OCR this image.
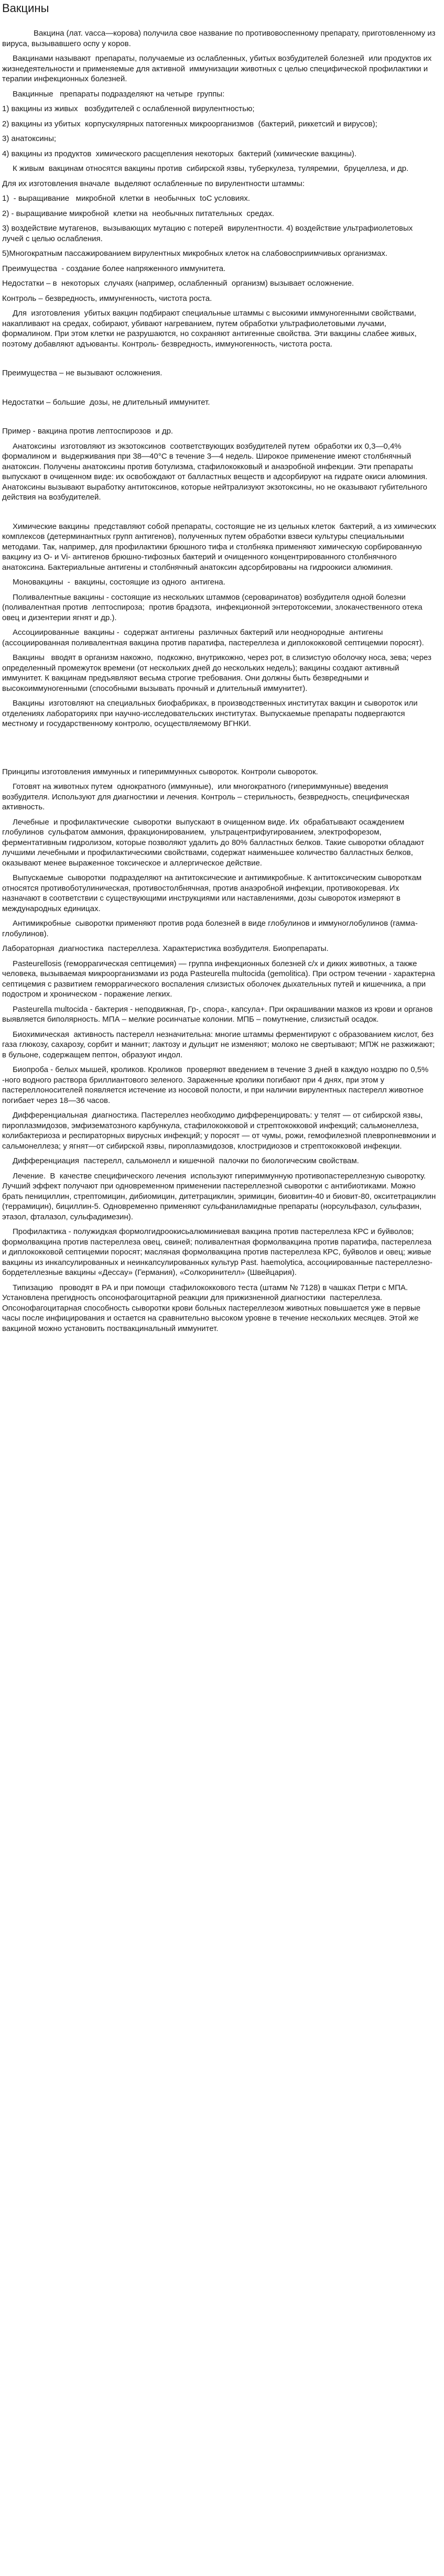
Вакцины

Вакцина (лат. vасса—корова) получила свое название по противовоспенному препарату, приготовленному из вируса, вызывавшего оспу у коров.

Вакцинами называют  препараты, получаемые из ослабленных, убитых возбудителей болезней  или продуктов их жизнедеятельности и применяемые для активной  иммунизации животных с целью специфической профилактики и  терапии инфекционных болезней.

Вакцинные   препараты подразделяют на четыре  группы:

1) вакцины из живых   возбудителей с ослабленной вирулентностью;

2) вакцины из убитых  корпускулярных патогенных микроорганизмов  (бактерий, риккетсий и вирусов);

3) анатоксины;

4) вакцины из продуктов  химического расщепления некоторых  бактерий (химические вакцины).

К живым  вакцинам относятся вакцины против  сибирской язвы, туберкулеза, туляремии,  бруцеллеза, и др.

Для их изготовления вначале  выделяют ослабленные по вирулентности штаммы:

1)  - выращивание   микробной  клетки в  необычных  toC условиях.

2) - выращивание микробной  клетки на  необычных питательных  средах.

3) воздействие мутагенов,  вызывающих мутацию с потерей  вирулентности. 4) воздействие ультрафиолетовых  лучей с целью ослабления.

5)Многократным пассажированием вирулентных микробных клеток на слабовосприимчивых организмах.

Преимущества  - создание более напряженного иммунитета.

Недостатки – в  некоторых  случаях (например, ослабленный  организм) вызывает осложнение.

Контроль – безвредность, иммунгенность, чистота роста.

Для  изготовления  убитых вакцин подбирают специальные штаммы с высокими иммуногенными свойствами, накапливают на средах, собирают, убивают нагреванием, путем обработки ультрафиолетовыми лучами, формалином. При этом клетки не разрушаются, но сохраняют антигенные свойства. Эти вакцины слабее живых, поэтому добавляют адъюванты. Контроль- безвредность, иммуногенность, чистота роста.

Преимущества – не вызывают осложнения.

Недостатки – большие  дозы, не длительный иммунитет.

Пример - вакцина против лептоспирозов  и др.

Анатоксины  изготовляют из экзотоксинов  соответствующих возбудителей путем  обработки их 0,3—0,4% формалином и  выдерживания при 38—40°С в течение 3—4 недель. Широкое применение имеют столбнячный анатоксин. Получены анатоксины против ботулизма, стафилококковый и анаэробной инфекции. Эти препараты выпускают в очищенном виде: их освобождают от балластных веществ и адсорбируют на гидрате окиси алюминия. Анатоксины вызывают выработку антитоксинов, которые нейтрализуют экзотоксины, но не оказывают губительного действия на возбудителей.

Химические вакцины  представляют собой препараты, состоящие не из цельных клеток  бактерий, а из химических комплексов (детерминантных групп антигенов), полученных путем обработки взвеси культуры специальными методами. Так, например, для профилактики брюшного тифа и столбняка применяют химическую сорбированную вакцину из О- и Vi- антигенов брюшно-тифозных бактерий и очищенного концентрированного столбнячного анатоксина. Бактериальные антигены и столбнячный анатоксин адсорбированы на гидроокиси алюминия.

Моновакцины  -  вакцины, состоящие из одного  антигена.

Поливалентные вакцины - состоящие из нескольких штаммов (сероваринатов) возбудителя одной болезни (поливалентная против  лептоспироза;  против брадзота,  инфекционной энтеротоксемии, злокачественного отека овец и дизентерии ягнят и др.).

Ассоциированные  вакцины -  содержат антигены  различных бактерий или неоднородные  антигены (ассоциированная поливалентная вакцина против паратифа, пастереллеза и диплококковой септицемии поросят).

Вакцины   вводят в организм накожно,  подкожно, внутрикожно, через рот, в слизистую оболочку носа, зева; через определенный промежуток времени (от нескольких дней до нескольких недель); вакцины создают активный иммунитет. К вакцинам предъявляют весьма строгие требования. Они должны быть безвредными и высокоиммуногенными (способными вызывать прочный и длительный иммунитет).

Вакцины  изготовляют на специальных биофабриках, в производственных институтах вакцин и сывороток или отделениях лабораториях при научно-исследовательских институтах. Выпускаемые препараты подвергаются местному и государственному контролю, осуществляемому ВГНКИ.

Принципы изготовления иммунных и гипериммунных сывороток. Контроли сывороток.

Готовят на животных путем  однократного (иммунные),  или многократного (гипериммунные) введения возбудителя. Используют для диагностики и лечения. Контроль – стерильность, безвредность, специфическая активность.

Лечебные  и профилактические  сыворотки  выпускают в очищенном виде. Их  обрабатывают осаждением глобулинов  сульфатом аммония, фракционированием,  ультрацентрифугированием, электрофорезом, ферментативным гидролизом, которые позволяют удалить до 80% балластных белков. Такие сыворотки обладают лучшими лечебными и профилактическими свойствами, содержат наименьшее количество балластных белков, оказывают менее выраженное токсическое и аллергическое действие.

Выпускаемые  сыворотки  подразделяют на антитоксические и антимикробные. К антитоксическим сывороткам относятся противоботулиническая, противостолбнячная, против анаэробной инфекции, противокоревая. Их назначают в соответствии с существующими инструкциями или наставлениями, дозы сывороток измеряют в международных единицах.

Антимикробные  сыворотки применяют против рода болезней в виде глобулинов и иммуноглобулинов (гамма-глобулинов).

Лабораторная  диагностика  пастереллеза. Характеристика возбудителя. Биопрепараты.

Pasteurellosis (геморрагическая септицемия) — группа инфекционных болезней с/х и диких животных, а также человека, вызываемая микроорганизмами из рода Pasteurella multocida (gemolitica). При остром течении - характерна септицемия с развитием геморрагического воспаления слизистых оболочек дыхательных путей и кишечника, а при подостром и хроническом - поражение легких.

Pasteurella multocida - бактерия - неподвижная, Гр-, спора-, капсула+. При окрашивании мазков из крови и органов выявляется биполярность. МПА – мелкие росинчатые колонии. МПБ – помутнение, слизистый осадок.

Биохимическая  активность пастерелл незначительна: многие штаммы ферментируют с образованием кислот, без газа глюкозу, сахарозу, сорбит и маннит; лактозу и дульцит не изменяют; молоко не свертывают; МПЖ не разжижают; в бульоне, содержащем пептон, образуют индол.

Биопроба - белых мышей, кроликов. Кроликов  проверяют введением в течение 3 дней в каждую ноздрю по 0,5% -ного водного раствора бриллиантового зеленого. Зараженные кролики погибают при 4 днях, при этом у пастереллоносителей появляется истечение из носовой полости, и при наличии вирулентных пастерелл животное погибает через 18—36 часов.

Дифференциальная  диагностика. Пастереллез необходимо дифференцировать: у телят — от сибирской язвы, пироплазмидозов, эмфизематозного карбункула, стафилококковой и стрептококковой инфекций; сальмонеллеза, колибактериоза и респираторных вирусных инфекций; у поросят — от чумы, рожи, гемофилезной плевропневмонии и сальмонеллеза; у ягнят—от сибирской язвы, пироплазмидозов, клостридиозов и стрептококковой инфекции.

Дифференциация  пастерелл, сальмонелл и кишечной  палочки по биологическим свойствам.

Лечение.  В  качестве специфического лечения  используют гипериммунную противопастереллезную сыворотку. Лучший эффект получают при одновременном применении пастереллезной сыворотки с антибиотиками. Можно брать пенициллин, стрептомицин, дибиомицин, дитетрациклин, эримицин, биовитин-40 и биовит-80, окситетрациклин (террамицин), бициллин-5. Одновременно применяют сульфаниламидные препараты (норсульфазол, сульфазин, этазол, фталазол, сульфадимезин).

Профилактика - полужидкая формолгидроокисьалюминиевая вакцина против пастереллеза КРС и буйволов; формолвакцина против пастереллеза овец, свиней; поливалентная формолвакцина против паратифа, пастереллеза и диплококковой септицемии поросят; масляная формолвакцина против пастереллеза КРС, буйволов и овец; живые вакцины из инкапсулированных и неинкапсулированных культур Past. haemolytica, ассоциированные пастереллезно-бордетеллезные вакцины «Дессау» (Германия), «Солкоринителл» (Швейцария).

Типизацию   проводят в РА и при помощи  стафилококкового теста (штамм № 7128) в чашках Петри с МПА.  Установлена прегидность опсонофагоцитарной реакции для прижизненной диагностики  пастереллеза. Опсонофагоцитарная способность сыворотки крови больных пастереллезом животных повышается уже в первые часы после инфицирования и остается на сравнительно высоком уровне в течение нескольких месяцев. Этой же вакциной можно установить поствакцинальный иммунитет.
